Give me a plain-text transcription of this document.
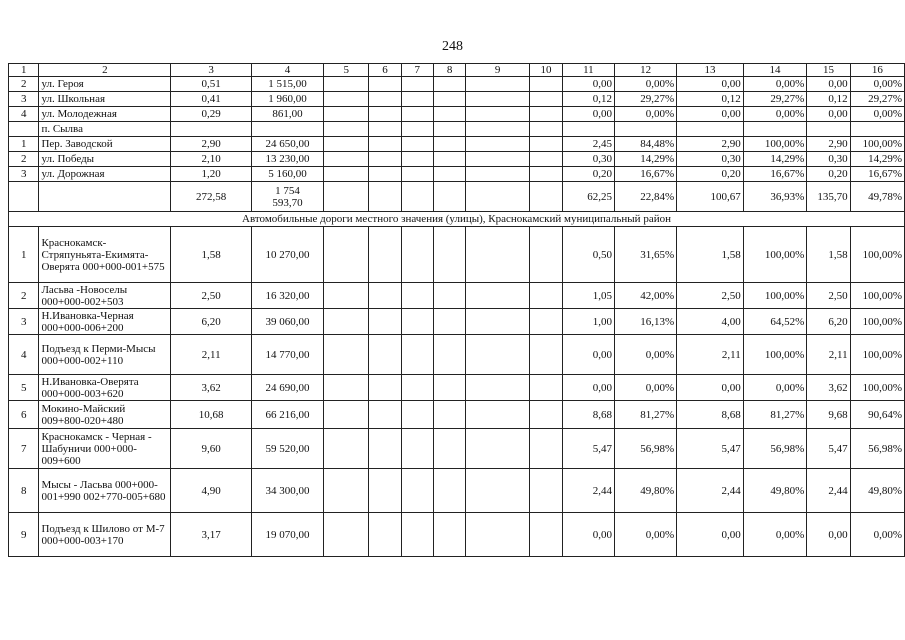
248
1	2	3	4	5	6	7	8	9	10	11	12	13	14	15	16
2	ул. Героя	0,51	1 515,00							0,00	0,00%	0,00	0,00%	0,00	0,00%
3	ул. Школьная	0,41	1 960,00							0,12	29,27%	0,12	29,27%	0,12	29,27%
4	ул. Молодежная	0,29	861,00							0,00	0,00%	0,00	0,00%	0,00	0,00%
	п. Сылва														
1	Пер. Заводской	2,90	24 650,00							2,45	84,48%	2,90	100,00%	2,90	100,00%
2	ул. Победы	2,10	13 230,00							0,30	14,29%	0,30	14,29%	0,30	14,29%
3	ул. Дорожная	1,20	5 160,00							0,20	16,67%	0,20	16,67%	0,20	16,67%
		272,58	1 754
593,70							62,25	22,84%	100,67	36,93%	135,70	49,78%
Автомобильные дороги местного значения (улицы), Краснокамский муниципальный район															
1	Краснокамск-Стряпуньята-Екимята-Оверята 000+000-001+575	1,58	10 270,00							0,50	31,65%	1,58	100,00%	1,58	100,00%
2	Ласьва -Новоселы 000+000-002+503	2,50	16 320,00							1,05	42,00%	2,50	100,00%	2,50	100,00%
3	Н.Ивановка-Черная 000+000-006+200	6,20	39 060,00							1,00	16,13%	4,00	64,52%	6,20	100,00%
4	Подъезд к Перми-Мысы 000+000-002+110	2,11	14 770,00							0,00	0,00%	2,11	100,00%	2,11	100,00%
5	Н.Ивановка-Оверята 000+000-003+620	3,62	24 690,00							0,00	0,00%	0,00	0,00%	3,62	100,00%
6	Мокино-Майский 009+800-020+480	10,68	66 216,00							8,68	81,27%	8,68	81,27%	9,68	90,64%
7	Краснокамск - Черная - Шабуничи 000+000-009+600	9,60	59 520,00							5,47	56,98%	5,47	56,98%	5,47	56,98%
8	Мысы - Ласьва 000+000-001+990 002+770-005+680	4,90	34 300,00							2,44	49,80%	2,44	49,80%	2,44	49,80%
9	Подъезд к Шилово от М-7 000+000-003+170	3,17	19 070,00							0,00	0,00%	0,00	0,00%	0,00	0,00%
